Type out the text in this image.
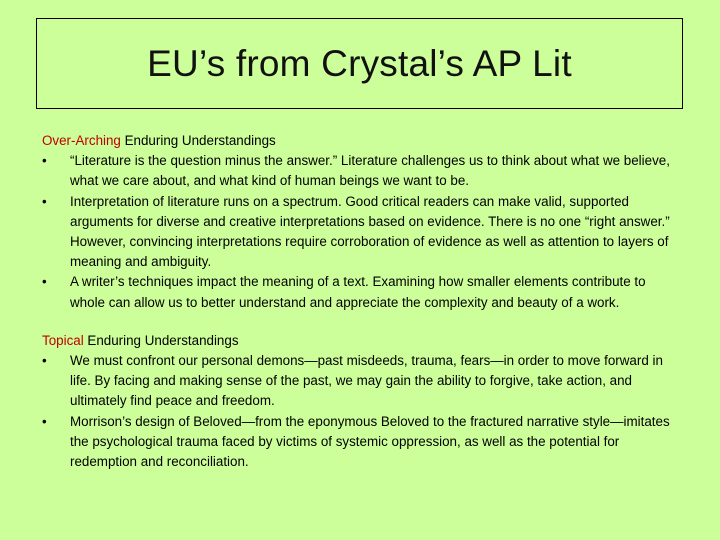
EU’s from Crystal’s AP Lit

Over-Arching Enduring Understandings

•	“Literature is the question minus the answer.” Literature challenges us to think about what we believe, what we care about, and what kind of human beings we want to be.
•	Interpretation of literature runs on a spectrum. Good critical readers can make valid, supported arguments for diverse and creative interpretations based on evidence. There is no one “right answer.” However, convincing interpretations require corroboration of evidence as well as attention to layers of meaning and ambiguity.
•	A writer’s techniques impact the meaning of a text. Examining how smaller elements contribute to whole can allow us to better understand and appreciate the complexity and beauty of a work.

Topical Enduring Understandings

•	We must confront our personal demons—past misdeeds, trauma, fears—in order to move forward in life. By facing and making sense of the past, we may gain the ability to forgive, take action, and ultimately find peace and freedom.
•	Morrison’s design of Beloved—from the eponymous Beloved to the fractured narrative style—imitates the psychological trauma faced by victims of systemic oppression, as well as the potential for redemption and reconciliation.
